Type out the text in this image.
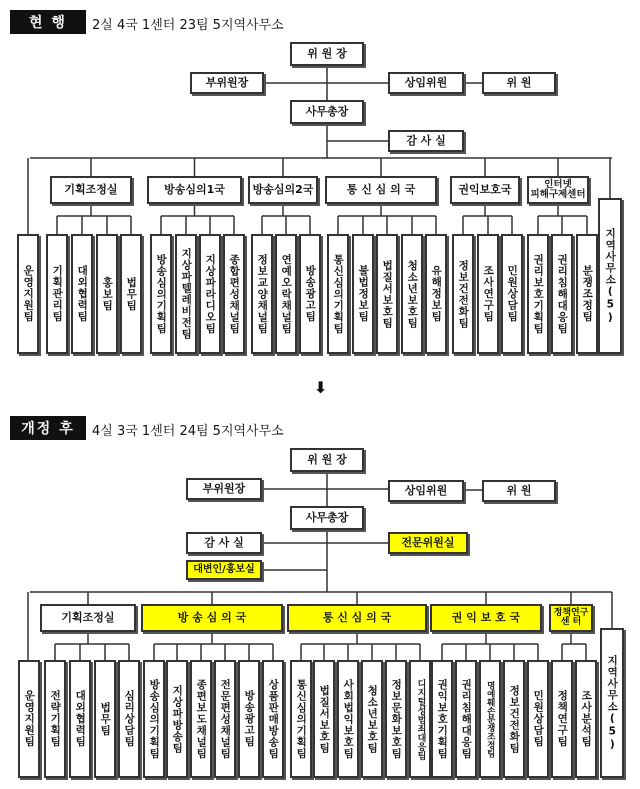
현 행	2실 4국 1센터 23팀 5지역사무소
위 원 장
부위원장	상임위원	위 원
사무총장
감 사 실
기획조정실	방송심의1국	방송심의2국	통 신 심 의 국	권익보호국	인터넷
피해구제센터
운영지원팀 기획관리팀 대외협력팀 홍보팀 법무팀 방송심의기획팀 지상파텔레비전팀 지상파라디오팀 종합편성채널팀 정보교양채널팀 연예오락채널팀 방송광고팀 통신심의기획팀 불법정보팀 법질서보호팀 청소년보호팀 유해정보팀 정보건전화팀 조사연구팀 민원상담팀 권리보호기획팀 권리침해대응팀 분쟁조정팀 지역사무소(5)
⬇
개정 후	4실 3국 1센터 24팀 5지역사무소
위 원 장
부위원장	상임위원	위 원
사무총장
감 사 실	전문위원실
대변인/홍보실
기획조정실	방 송 심 의 국	통 신 심 의 국	권 익 보 호 국	정책연구
센 터
운영지원팀 전략기획팀 대외협력팀 법무팀 심리상담팀 방송심의기획팀 지상파방송팀 종편보도채널팀 전문편성채널팀 방송광고팀 상품판매방송팀 통신심의기획팀 법질서보호팀 사회법익보호팀 청소년보호팀 정보문화보호팀 디지털성범죄대응팀 권익보호기획팀 권리침해대응팀 명예훼손분쟁조정팀 정보건전화팀 민원상담팀 정책연구팀 조사분석팀 지역사무소(5)
